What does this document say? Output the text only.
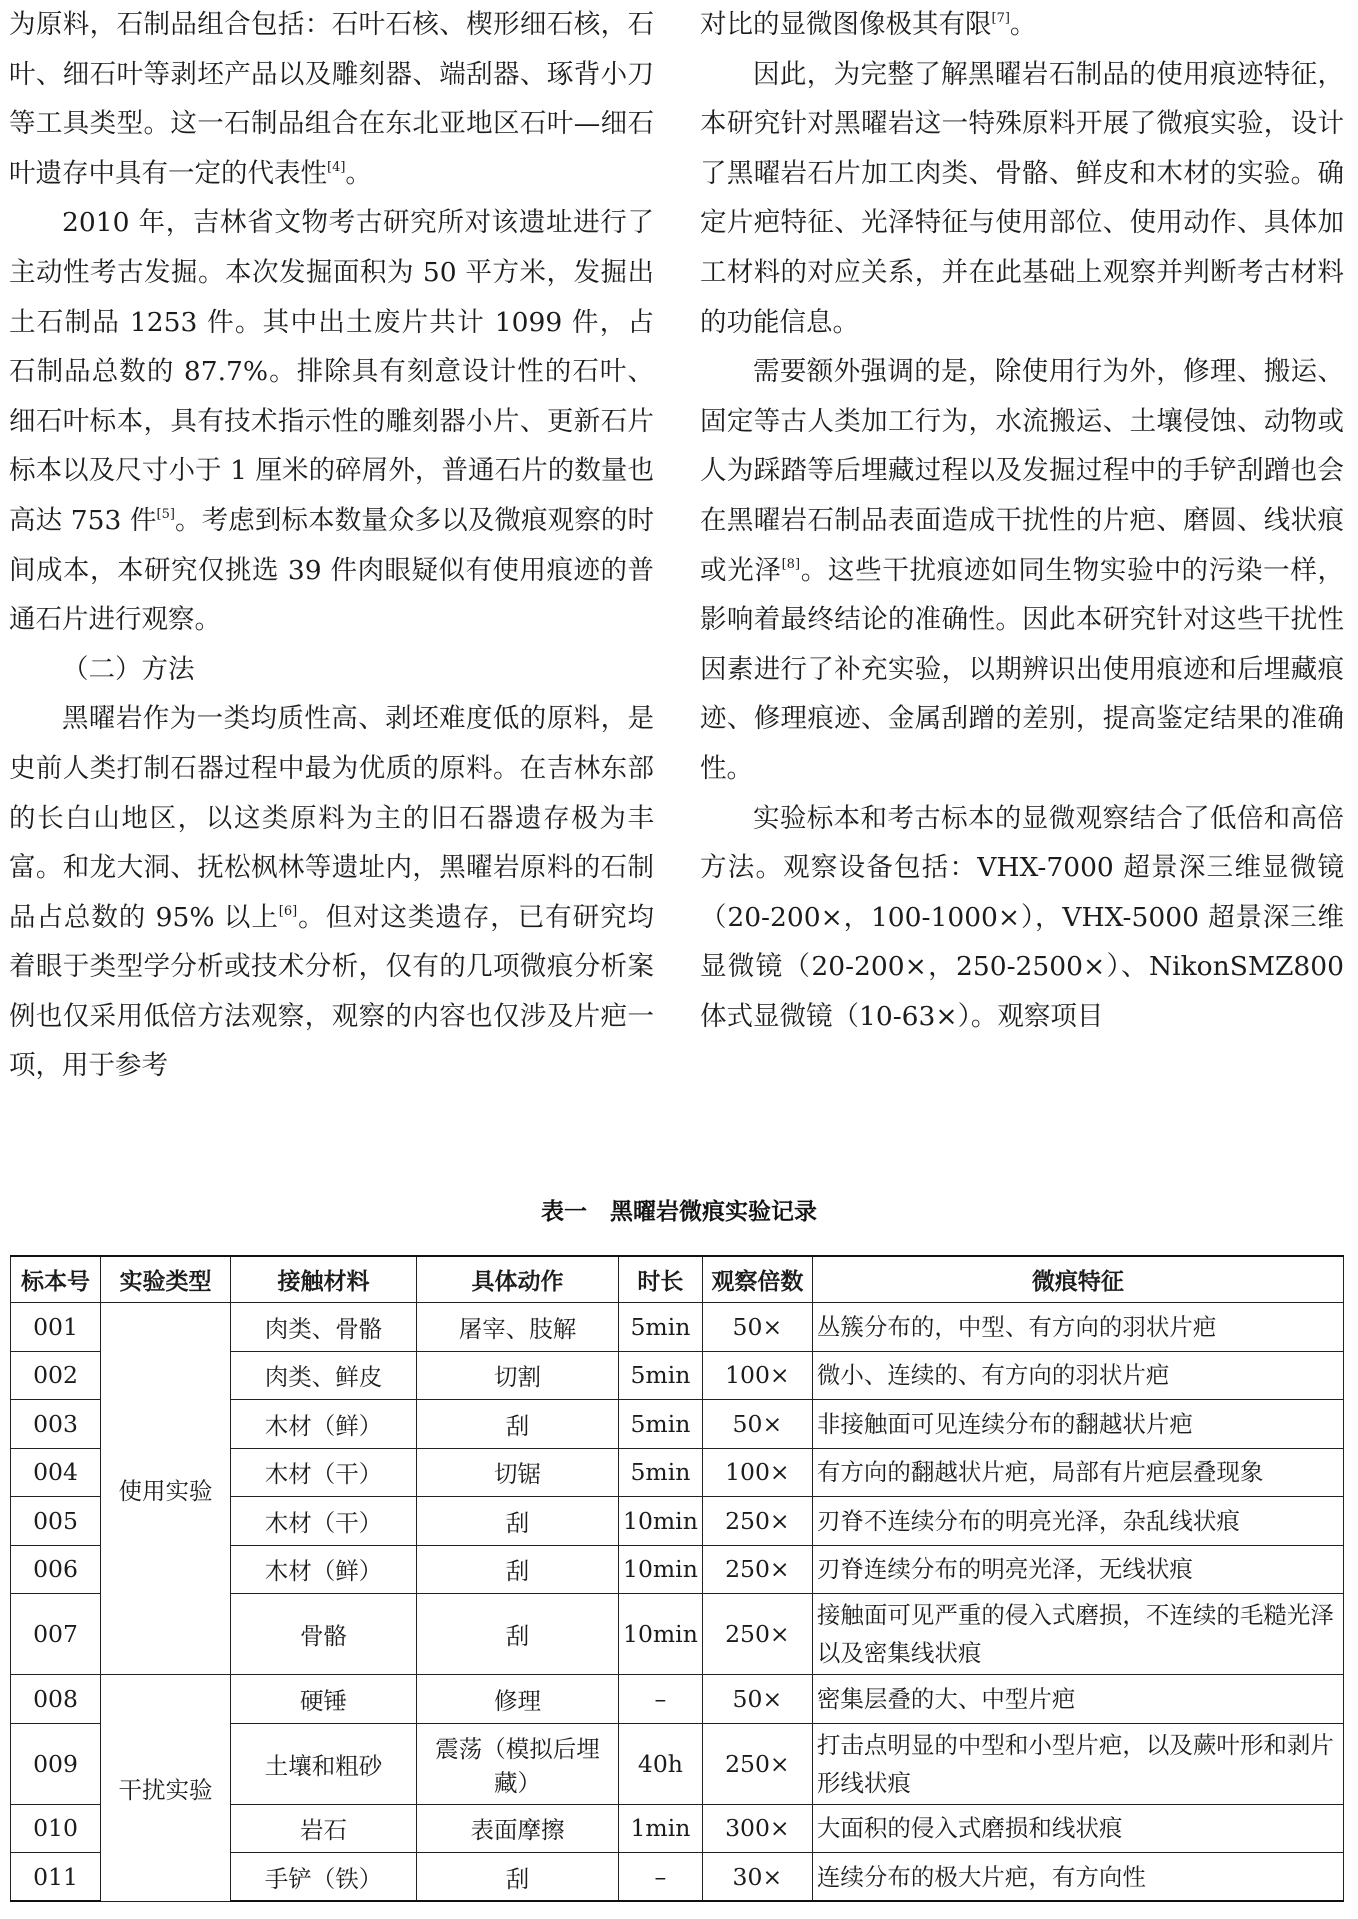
为原料，石制品组合包括：石叶石核、楔形细石核，石叶、细石叶等剥坯产品以及雕刻器、端刮器、琢背小刀等工具类型。这一石制品组合在东北亚地区石叶—细石叶遗存中具有一定的代表性[4]。

2010 年，吉林省文物考古研究所对该遗址进行了主动性考古发掘。本次发掘面积为 50 平方米，发掘出土石制品 1253 件。其中出土废片共计 1099 件，占石制品总数的 87.7%。排除具有刻意设计性的石叶、细石叶标本，具有技术指示性的雕刻器小片、更新石片标本以及尺寸小于 1 厘米的碎屑外，普通石片的数量也高达 753 件[5]。考虑到标本数量众多以及微痕观察的时间成本，本研究仅挑选 39 件肉眼疑似有使用痕迹的普通石片进行观察。

（二）方法

黑曜岩作为一类均质性高、剥坯难度低的原料，是史前人类打制石器过程中最为优质的原料。在吉林东部的长白山地区，以这类原料为主的旧石器遗存极为丰富。和龙大洞、抚松枫林等遗址内，黑曜岩原料的石制品占总数的 95% 以上[6]。但对这类遗存，已有研究均着眼于类型学分析或技术分析，仅有的几项微痕分析案例也仅采用低倍方法观察，观察的内容也仅涉及片疤一项，用于参考

对比的显微图像极其有限[7]。

因此，为完整了解黑曜岩石制品的使用痕迹特征，本研究针对黑曜岩这一特殊原料开展了微痕实验，设计了黑曜岩石片加工肉类、骨骼、鲜皮和木材的实验。确定片疤特征、光泽特征与使用部位、使用动作、具体加工材料的对应关系，并在此基础上观察并判断考古材料的功能信息。

需要额外强调的是，除使用行为外，修理、搬运、固定等古人类加工行为，水流搬运、土壤侵蚀、动物或人为踩踏等后埋藏过程以及发掘过程中的手铲刮蹭也会在黑曜岩石制品表面造成干扰性的片疤、磨圆、线状痕或光泽[8]。这些干扰痕迹如同生物实验中的污染一样，影响着最终结论的准确性。因此本研究针对这些干扰性因素进行了补充实验，以期辨识出使用痕迹和后埋藏痕迹、修理痕迹、金属刮蹭的差别，提高鉴定结果的准确性。

实验标本和考古标本的显微观察结合了低倍和高倍方法。观察设备包括：VHX-7000 超景深三维显微镜（20-200×，100-1000×），VHX-5000 超景深三维显微镜（20-200×，250-2500×）、NikonSMZ800 体式显微镜（10-63×）。观察项目

表一　黑曜岩微痕实验记录
标本号	实验类型	接触材料	具体动作	时长	观察倍数	微痕特征
001	使用实验	肉类、骨骼	屠宰、肢解	5min	50×	丛簇分布的，中型、有方向的羽状片疤
002		肉类、鲜皮	切割	5min	100×	微小、连续的、有方向的羽状片疤
003		木材（鲜）	刮	5min	50×	非接触面可见连续分布的翻越状片疤
004		木材（干）	切锯	5min	100×	有方向的翻越状片疤，局部有片疤层叠现象
005		木材（干）	刮	10min	250×	刃脊不连续分布的明亮光泽，杂乱线状痕
006		木材（鲜）	刮	10min	250×	刃脊连续分布的明亮光泽，无线状痕
007		骨骼	刮	10min	250×	接触面可见严重的侵入式磨损，不连续的毛糙光泽以及密集线状痕
008	干扰实验	硬锤	修理	–	50×	密集层叠的大、中型片疤
009		土壤和粗砂	震荡（模拟后埋藏）	40h	250×	打击点明显的中型和小型片疤，以及蕨叶形和剥片形线状痕
010		岩石	表面摩擦	1min	300×	大面积的侵入式磨损和线状痕
011		手铲（铁）	刮	–	30×	连续分布的极大片疤，有方向性
